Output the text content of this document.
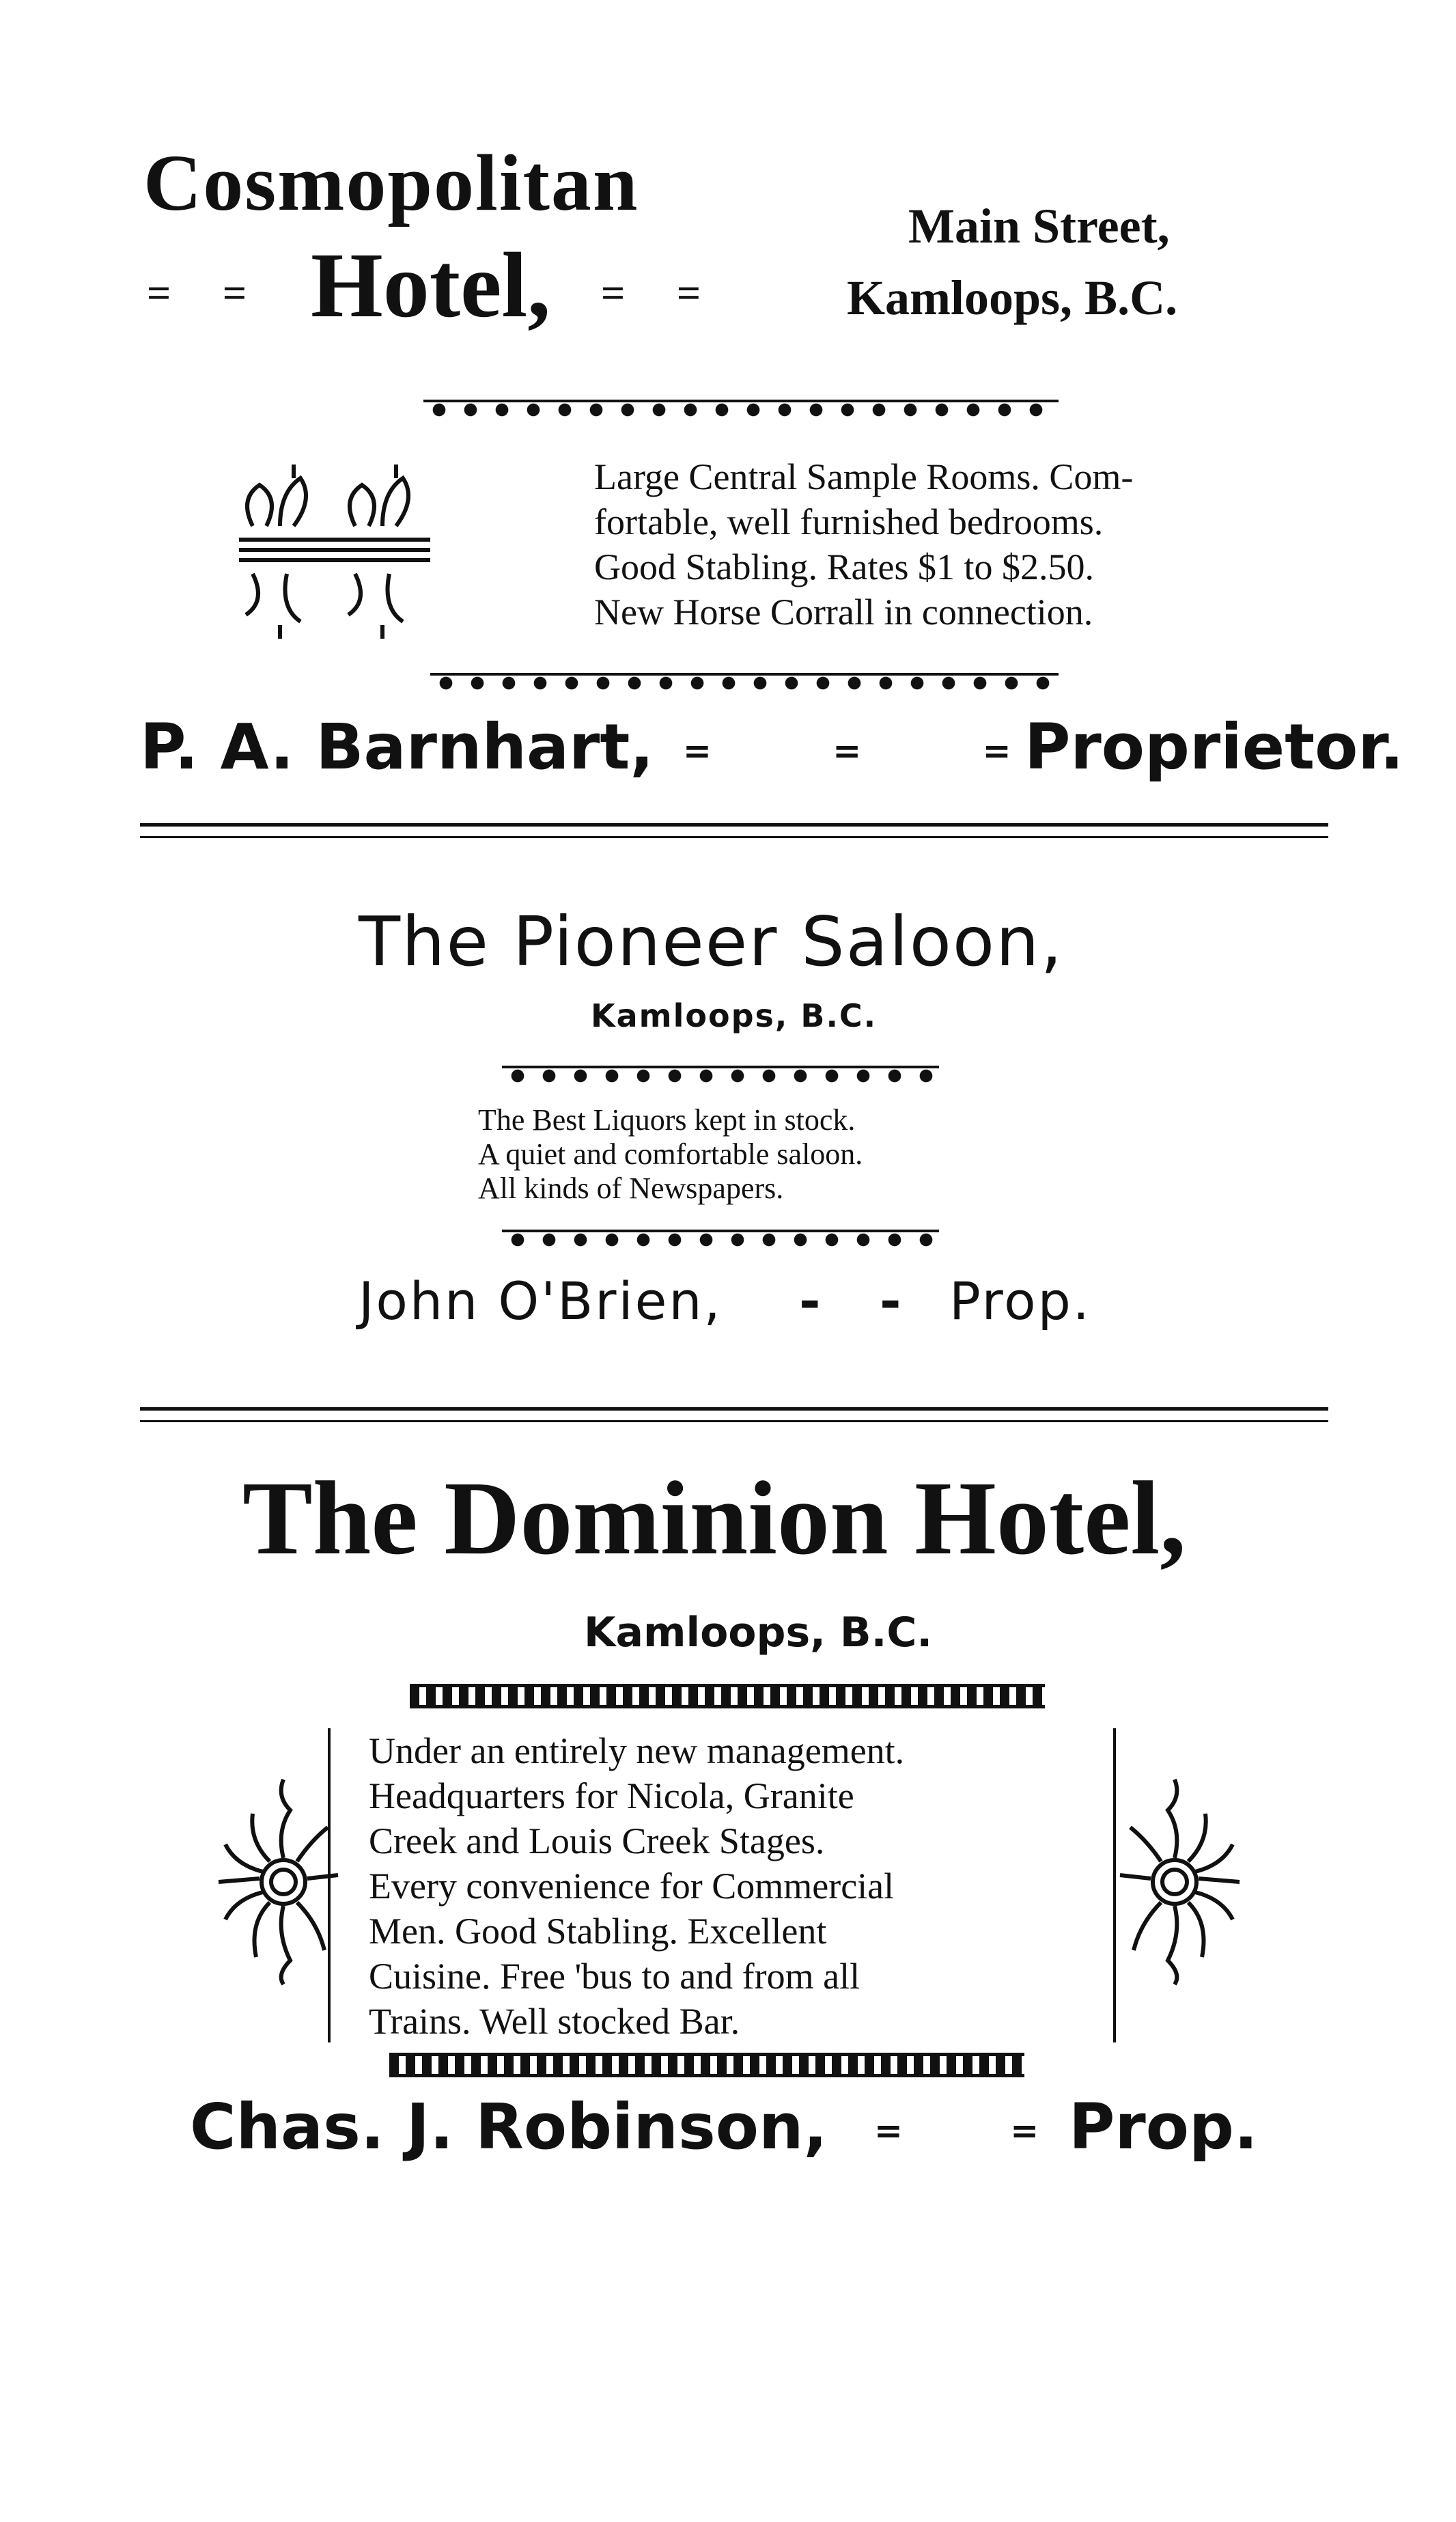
Cosmopolitan
= = Hotel, = =
Main Street,
Kamloops, B.C.
Large Central Sample Rooms. Com-
fortable, well furnished bedrooms.
Good Stabling. Rates $1 to $2.50.
New Horse Corrall in connection.
P. A. Barnhart, = = =
Proprietor.
The Pioneer Saloon,
Kamloops, B.C.
The Best Liquors kept in stock.
A quiet and comfortable saloon.
All kinds of Newspapers.
John O'Brien, - - Prop.
The Dominion Hotel,
Kamloops, B.C.
Under an entirely new management.
Headquarters for Nicola, Granite
Creek and Louis Creek Stages.
Every convenience for Commercial
Men. Good Stabling. Excellent
Cuisine. Free 'bus to and from all
Trains. Well stocked Bar.
Chas. J. Robinson, = =
Prop.
